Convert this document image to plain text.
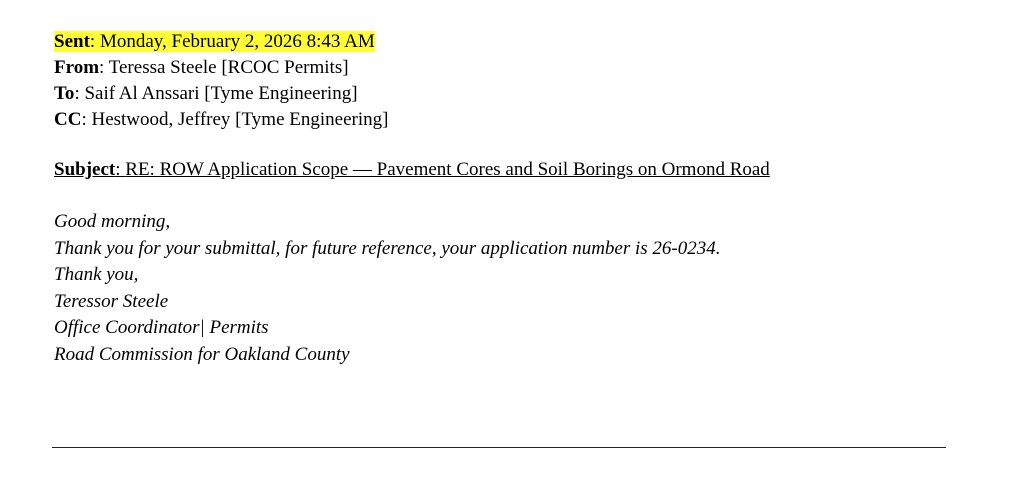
Sent: Monday, February 2, 2026 8:43 AM
From: Teressa Steele [RCOC Permits]
To: Saif Al Anssari [Tyme Engineering]
CC: Hestwood, Jeffrey [Tyme Engineering]
Subject: RE: ROW Application Scope — Pavement Cores and Soil Borings on Ormond Road
Good morning,
Thank you for your submittal, for future reference, your application number is 26-0234.
Thank you,
Teressor Steele
Office Coordinator| Permits
Road Commission for Oakland County
